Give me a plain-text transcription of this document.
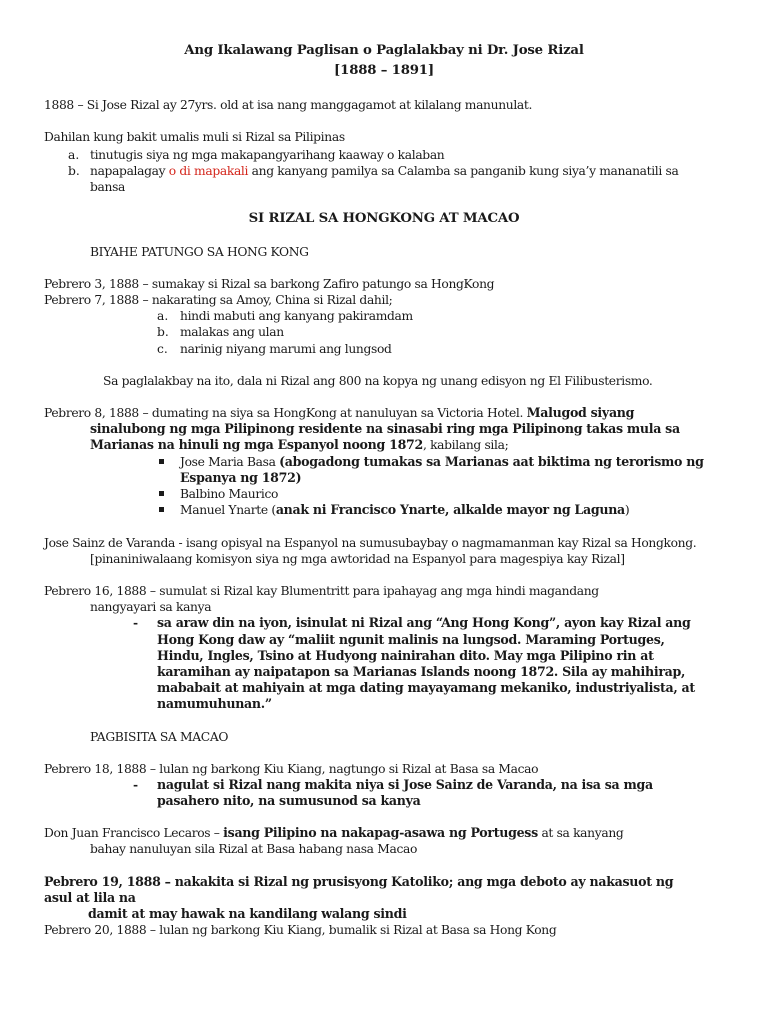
Ang Ikalawang Paglisan o Paglalakbay ni Dr. Jose Rizal
[1888 – 1891]
1888 – Si Jose Rizal ay 27yrs. old at isa nang manggagamot at kilalang manunulat.
Dahilan kung bakit umalis muli si Rizal sa Pilipinas
a. tinutugis siya ng mga makapangyarihang kaaway o kalaban
b. napapalagay o di mapakali ang kanyang pamilya sa Calamba sa panganib kung siya’y mananatili sa
bansa
SI RIZAL SA HONGKONG AT MACAO
BIYAHE PATUNGO SA HONG KONG
Pebrero 3, 1888 – sumakay si Rizal sa barkong Zafiro patungo sa HongKong
Pebrero 7, 1888 – nakarating sa Amoy, China si Rizal dahil;
a. hindi mabuti ang kanyang pakiramdam
b. malakas ang ulan
c. narinig niyang marumi ang lungsod
Sa paglalakbay na ito, dala ni Rizal ang 800 na kopya ng unang edisyon ng El Filibusterismo.
Pebrero 8, 1888 – dumating na siya sa HongKong at nanuluyan sa Victoria Hotel. Malugod siyang
sinalubong ng mga Pilipinong residente na sinasabi ring mga Pilipinong takas mula sa
Marianas na hinuli ng mga Espanyol noong 1872, kabilang sila;
Jose Maria Basa (abogadong tumakas sa Marianas aat biktima ng terorismo ng
Espanya ng 1872)
Balbino Maurico
Manuel Ynarte (anak ni Francisco Ynarte, alkalde mayor ng Laguna)
Jose Sainz de Varanda - isang opisyal na Espanyol na sumusubaybay o nagmamanman kay Rizal sa Hongkong.
[pinaniniwalaang komisyon siya ng mga awtoridad na Espanyol para magespiya kay Rizal]
Pebrero 16, 1888 – sumulat si Rizal kay Blumentritt para ipahayag ang mga hindi magandang
nangyayari sa kanya
- sa araw din na iyon, isinulat ni Rizal ang “Ang Hong Kong”, ayon kay Rizal ang
Hong Kong daw ay “maliit ngunit malinis na lungsod. Maraming Portuges,
Hindu, Ingles, Tsino at Hudyong nainirahan dito. May mga Pilipino rin at
karamihan ay naipatapon sa Marianas Islands noong 1872. Sila ay mahihirap,
mababait at mahiyain at mga dating mayayamang mekaniko, industriyalista, at
namumuhunan.”
PAGBISITA SA MACAO
Pebrero 18, 1888 – lulan ng barkong Kiu Kiang, nagtungo si Rizal at Basa sa Macao
- nagulat si Rizal nang makita niya si Jose Sainz de Varanda, na isa sa mga
pasahero nito, na sumusunod sa kanya
Don Juan Francisco Lecaros – isang Pilipino na nakapag-asawa ng Portugess at sa kanyang
bahay nanuluyan sila Rizal at Basa habang nasa Macao
Pebrero 19, 1888 – nakakita si Rizal ng prusisyong Katoliko; ang mga deboto ay nakasuot ng
asul at lila na
damit at may hawak na kandilang walang sindi
Pebrero 20, 1888 – lulan ng barkong Kiu Kiang, bumalik si Rizal at Basa sa Hong Kong
